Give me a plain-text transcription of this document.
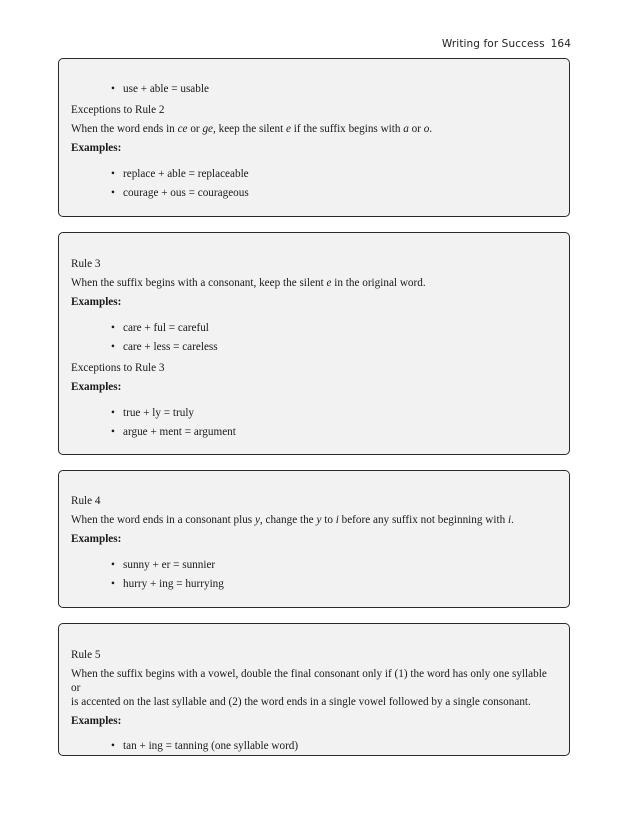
Writing for Success 164
• use + able = usable

Exceptions to Rule 2

When the word ends in ce or ge, keep the silent e if the suffix begins with a or o.

Examples:

• replace + able = replaceable
• courage + ous = courageous

Rule 3

When the suffix begins with a consonant, keep the silent e in the original word.

Examples:

• care + ful = careful
• care + less = careless

Exceptions to Rule 3

Examples:

• true + ly = truly
• argue + ment = argument

Rule 4

When the word ends in a consonant plus y, change the y to i before any suffix not beginning with i.

Examples:

• sunny + er = sunnier
• hurry + ing = hurrying

Rule 5

When the suffix begins with a vowel, double the final consonant only if (1) the word has only one syllable or

is accented on the last syllable and (2) the word ends in a single vowel followed by a single consonant.

Examples:

• tan + ing = tanning (one syllable word)
